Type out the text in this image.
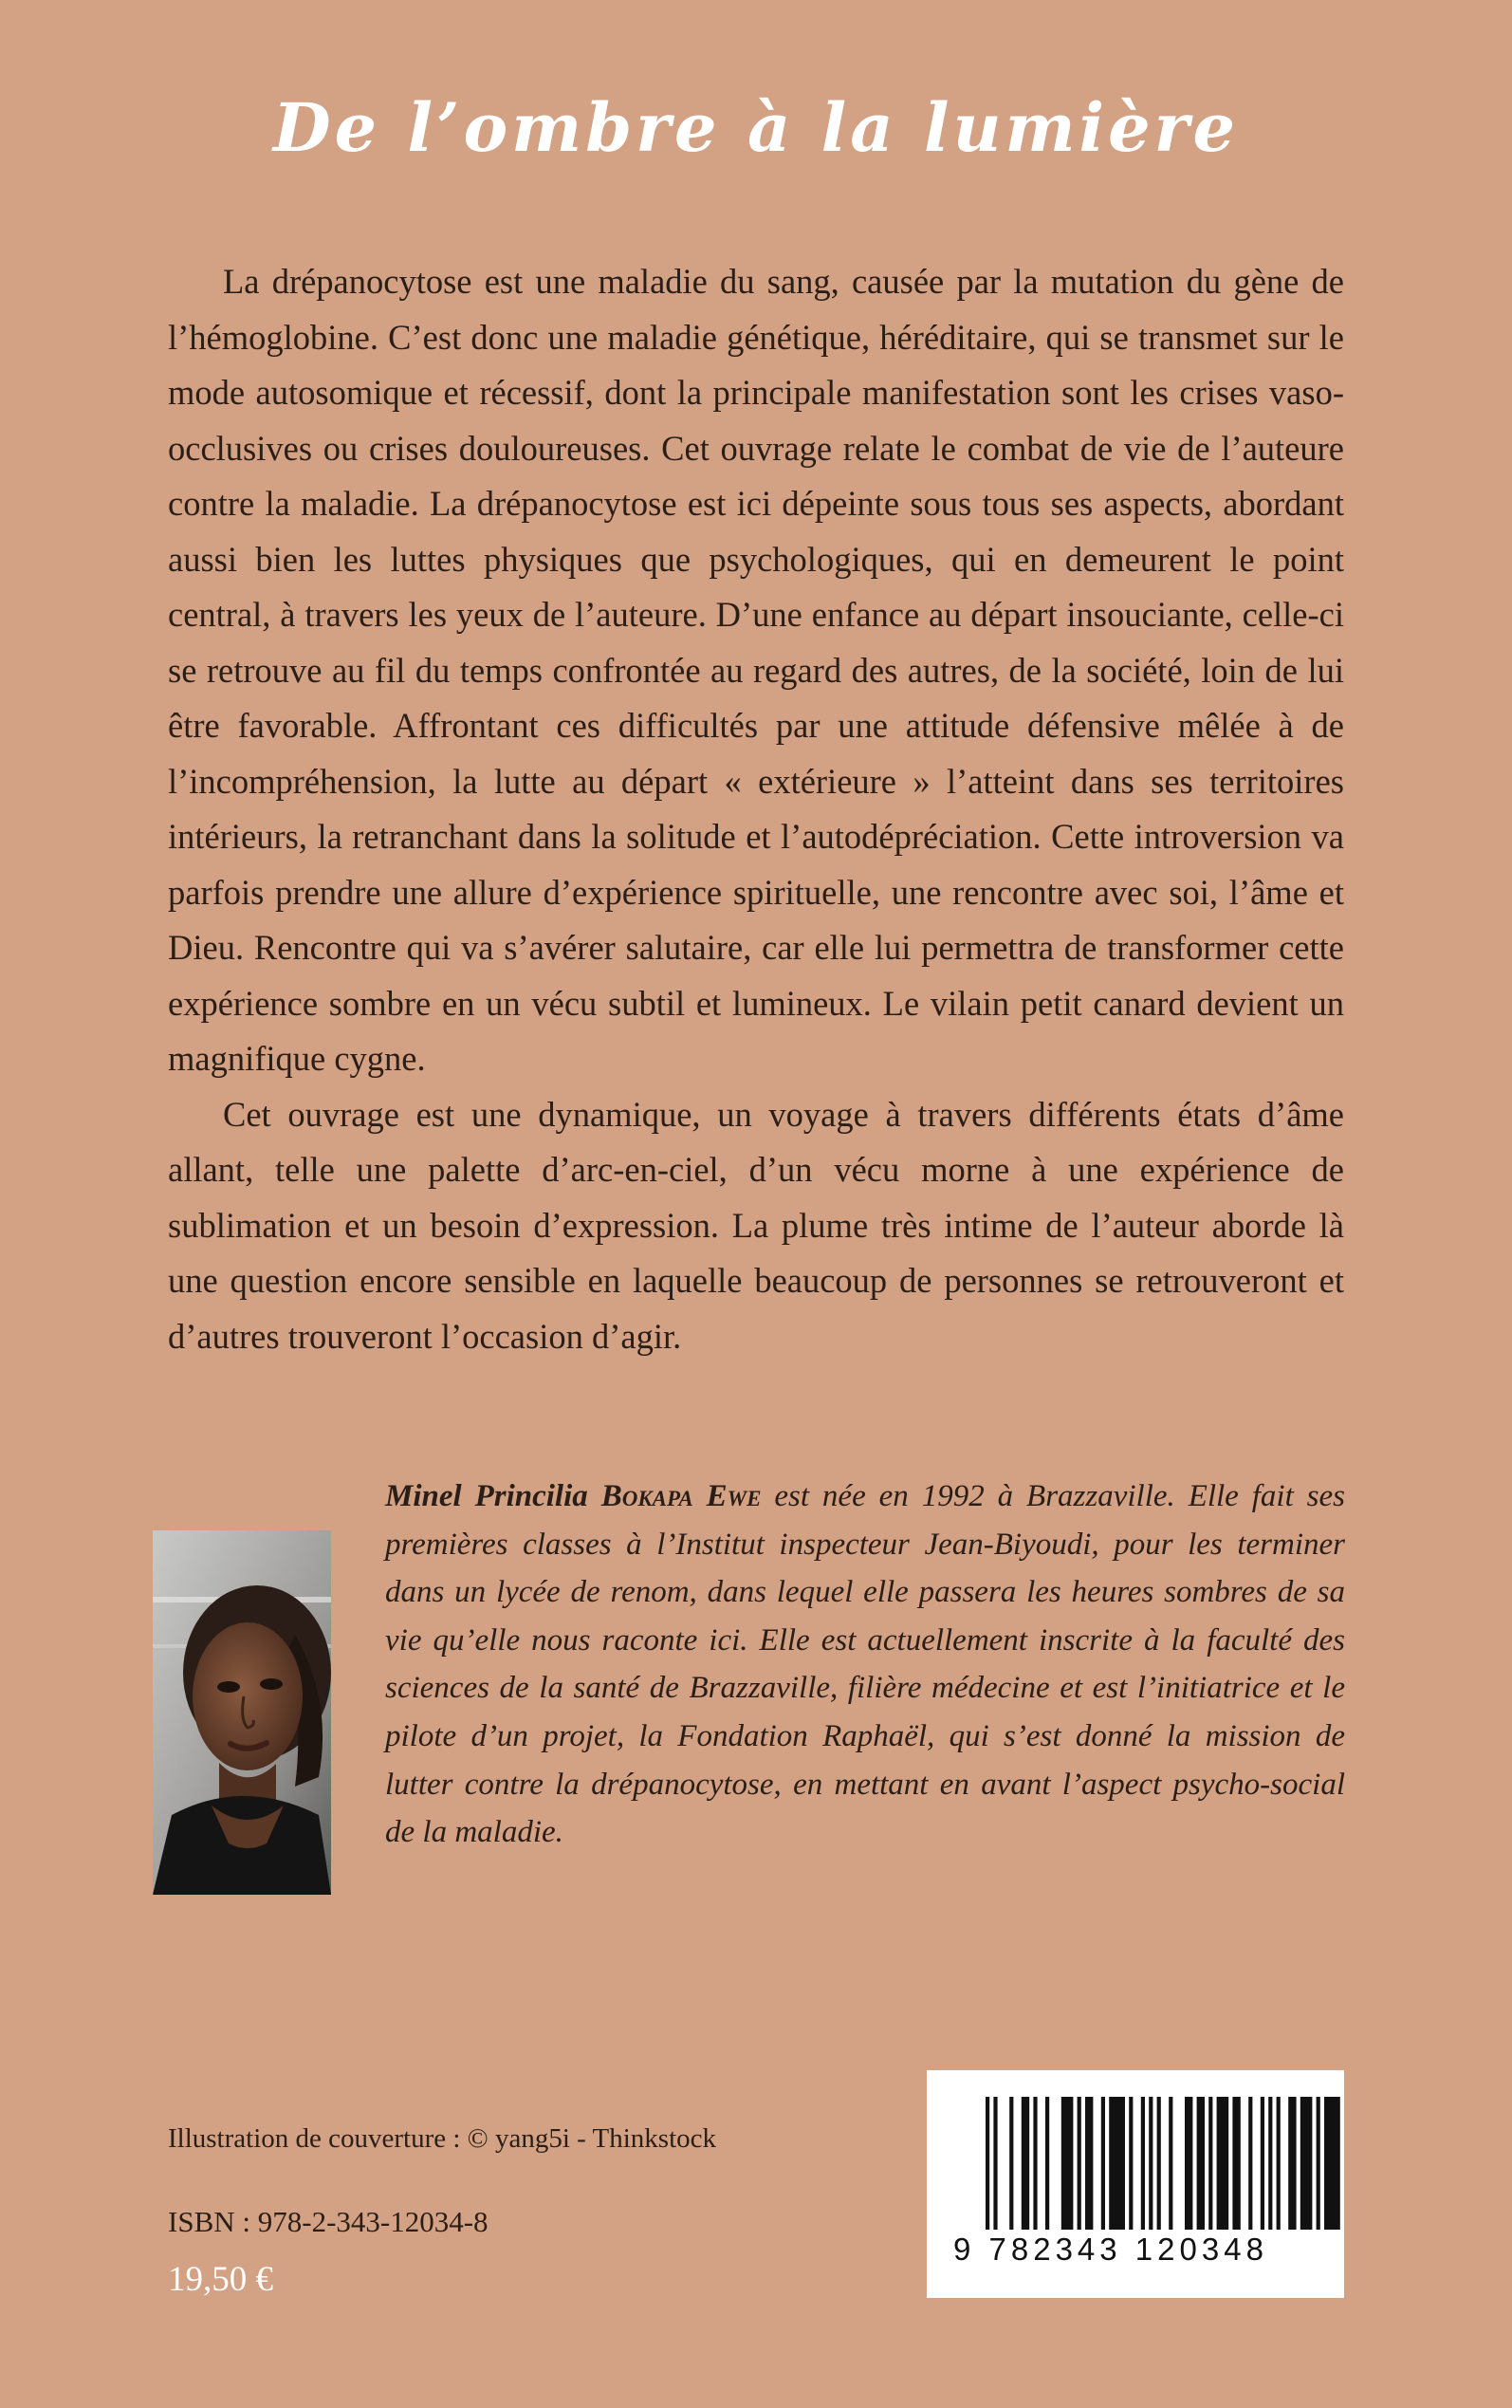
De l’ombre à la lumière

La drépanocytose est une maladie du sang, causée par la mutation du gène de l’hémoglobine. C’est donc une maladie génétique, héréditaire, qui se transmet sur le mode autosomique et récessif, dont la principale manifestation sont les crises vaso-occlusives ou crises douloureuses. Cet ouvrage relate le combat de vie de l’auteure contre la maladie. La drépanocytose est ici dépeinte sous tous ses aspects, abordant aussi bien les luttes physiques que psychologiques, qui en demeurent le point central, à travers les yeux de l’auteure. D’une enfance au départ insouciante, celle-ci se retrouve au fil du temps confrontée au regard des autres, de la société, loin de lui être favorable. Affrontant ces difficultés par une attitude défensive mêlée à de l’incompréhension, la lutte au départ « extérieure » l’atteint dans ses territoires intérieurs, la retranchant dans la solitude et l’autodépréciation. Cette introversion va parfois prendre une allure d’expérience spirituelle, une rencontre avec soi, l’âme et Dieu. Rencontre qui va s’avérer salutaire, car elle lui permettra de transformer cette expérience sombre en un vécu subtil et lumineux. Le vilain petit canard devient un magnifique cygne.

Cet ouvrage est une dynamique, un voyage à travers différents états d’âme allant, telle une palette d’arc-en-ciel, d’un vécu morne à une expérience de sublimation et un besoin d’expression. La plume très intime de l’auteur aborde là une question encore sensible en laquelle beaucoup de personnes se retrouveront et d’autres trouveront l’occasion d’agir.

Minel Princilia Bokapa Ewe est née en 1992 à Brazzaville. Elle fait ses premières classes à l’Institut inspecteur Jean-Biyoudi, pour les terminer dans un lycée de renom, dans lequel elle passera les heures sombres de sa vie qu’elle nous raconte ici. Elle est actuellement inscrite à la faculté des sciences de la santé de Brazzaville, filière médecine et est l’initiatrice et le pilote d’un projet, la Fondation Raphaël, qui s’est donné la mission de lutter contre la drépanocytose, en mettant en avant l’aspect psycho-social de la maladie.

Illustration de couverture : © yang5i - Thinkstock

ISBN : 978-2-343-12034-8

19,50 €

9 782343 120348
